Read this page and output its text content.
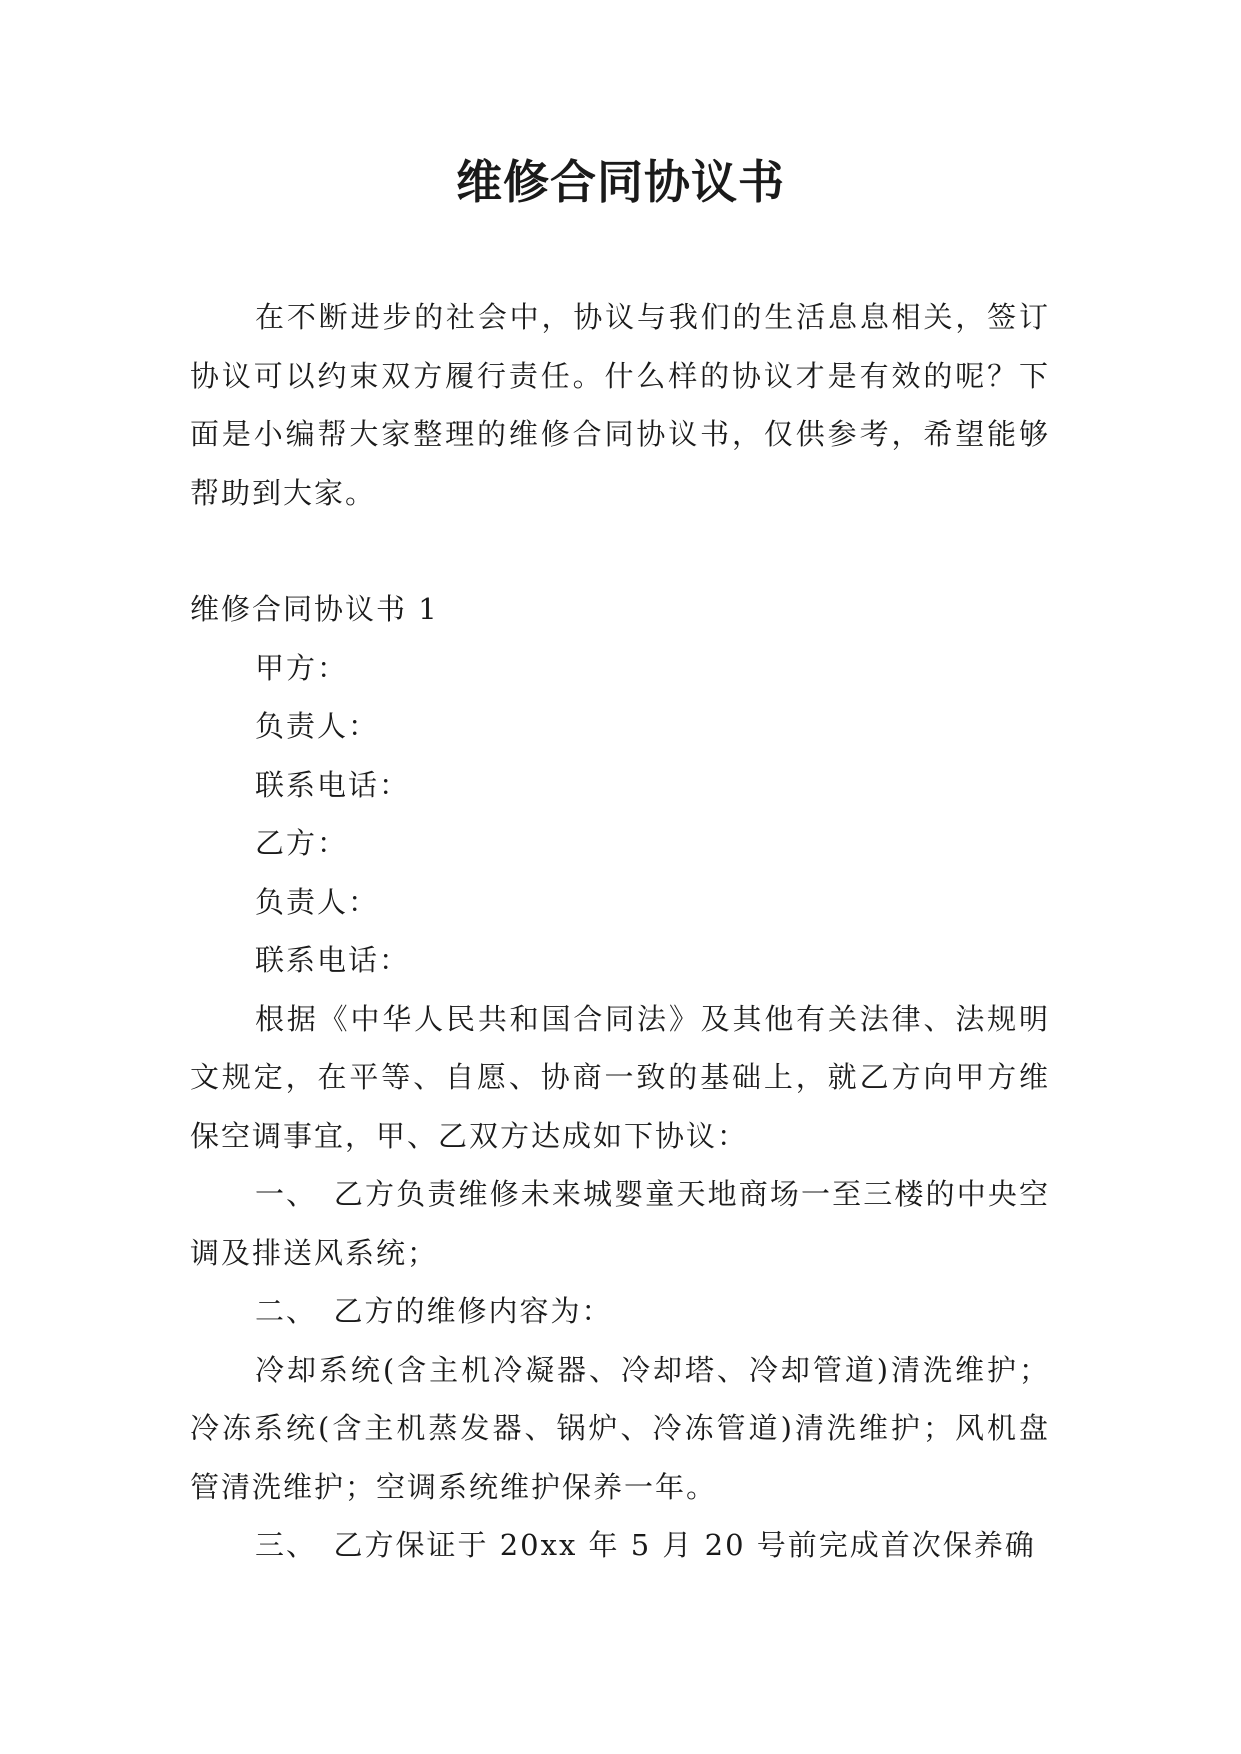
维修合同协议书

在不断进步的社会中，协议与我们的生活息息相关，签订协议可以约束双方履行责任。什么样的协议才是有效的呢？下面是小编帮大家整理的维修合同协议书，仅供参考，希望能够帮助到大家。

维修合同协议书 1

甲方：

负责人：

联系电话：

乙方：

负责人：

联系电话：

根据《中华人民共和国合同法》及其他有关法律、法规明文规定，在平等、自愿、协商一致的基础上，就乙方向甲方维保空调事宜，甲、乙双方达成如下协议：

一、　乙方负责维修未来城婴童天地商场一至三楼的中央空调及排送风系统；

二、　乙方的维修内容为：

冷却系统(含主机冷凝器、冷却塔、冷却管道)清洗维护；冷冻系统(含主机蒸发器、锅炉、冷冻管道)清洗维护；风机盘管清洗维护；空调系统维护保养一年。

三、　乙方保证于 20xx 年 5 月 20 号前完成首次保养确
